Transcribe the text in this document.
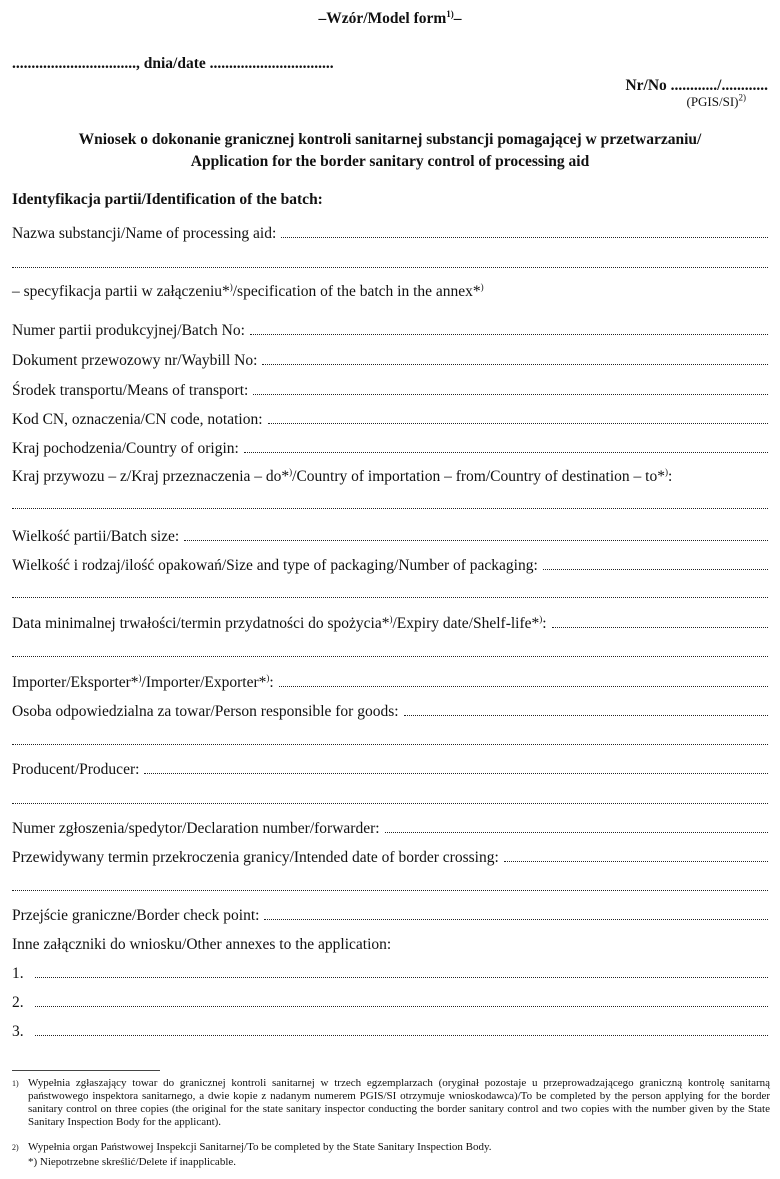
–Wzór/Model form$^{1)}$–
................................, dnia/date ................................
Nr/No ............/............
(PGIS/SI)$^{2)}$
Wniosek o dokonanie granicznej kontroli sanitarnej substancji pomagającej w przetwarzaniu/
Application for the border sanitary control of processing aid
Identyfikacja partii/Identification of the batch:
Nazwa substancji/Name of processing aid:
– specyfikacja partii w załączeniu*)/specification of the batch in the annex*)
Numer partii produkcyjnej/Batch No:
Dokument przewozowy nr/Waybill No:
Środek transportu/Means of transport:
Kod CN, oznaczenia/CN code, notation:
Kraj pochodzenia/Country of origin:
Kraj przywozu – z/Kraj przeznaczenia – do*)/Country of importation – from/Country of destination – to*):
Wielkość partii/Batch size:
Wielkość i rodzaj/ilość opakowań/Size and type of packaging/Number of packaging:
Data minimalnej trwałości/termin przydatności do spożycia*)/Expiry date/Shelf-life*):
Importer/Eksporter*)/Importer/Exporter*):
Osoba odpowiedzialna za towar/Person responsible for goods:
Producent/Producer:
Numer zgłoszenia/spedytor/Declaration number/forwarder:
Przewidywany termin przekroczenia granicy/Intended date of border crossing:
Przejście graniczne/Border check point:
Inne załączniki do wniosku/Other annexes to the application:
1.
2.
3.
1) Wypełnia zgłaszający towar do granicznej kontroli sanitarnej w trzech egzemplarzach (oryginał pozostaje u przeprowadzającego graniczną kontrolę sanitarną państwowego inspektora sanitarnego, a dwie kopie z nadanym numerem PGIS/SI otrzymuje wnioskodawca)/To be completed by the person applying for the border sanitary control on three copies (the original for the state sanitary inspector conducting the border sanitary control and two copies with the number given by the State Sanitary Inspection Body for the applicant).
2) Wypełnia organ Państwowej Inspekcji Sanitarnej/To be completed by the State Sanitary Inspection Body.
*) Niepotrzebne skreślić/Delete if inapplicable.
